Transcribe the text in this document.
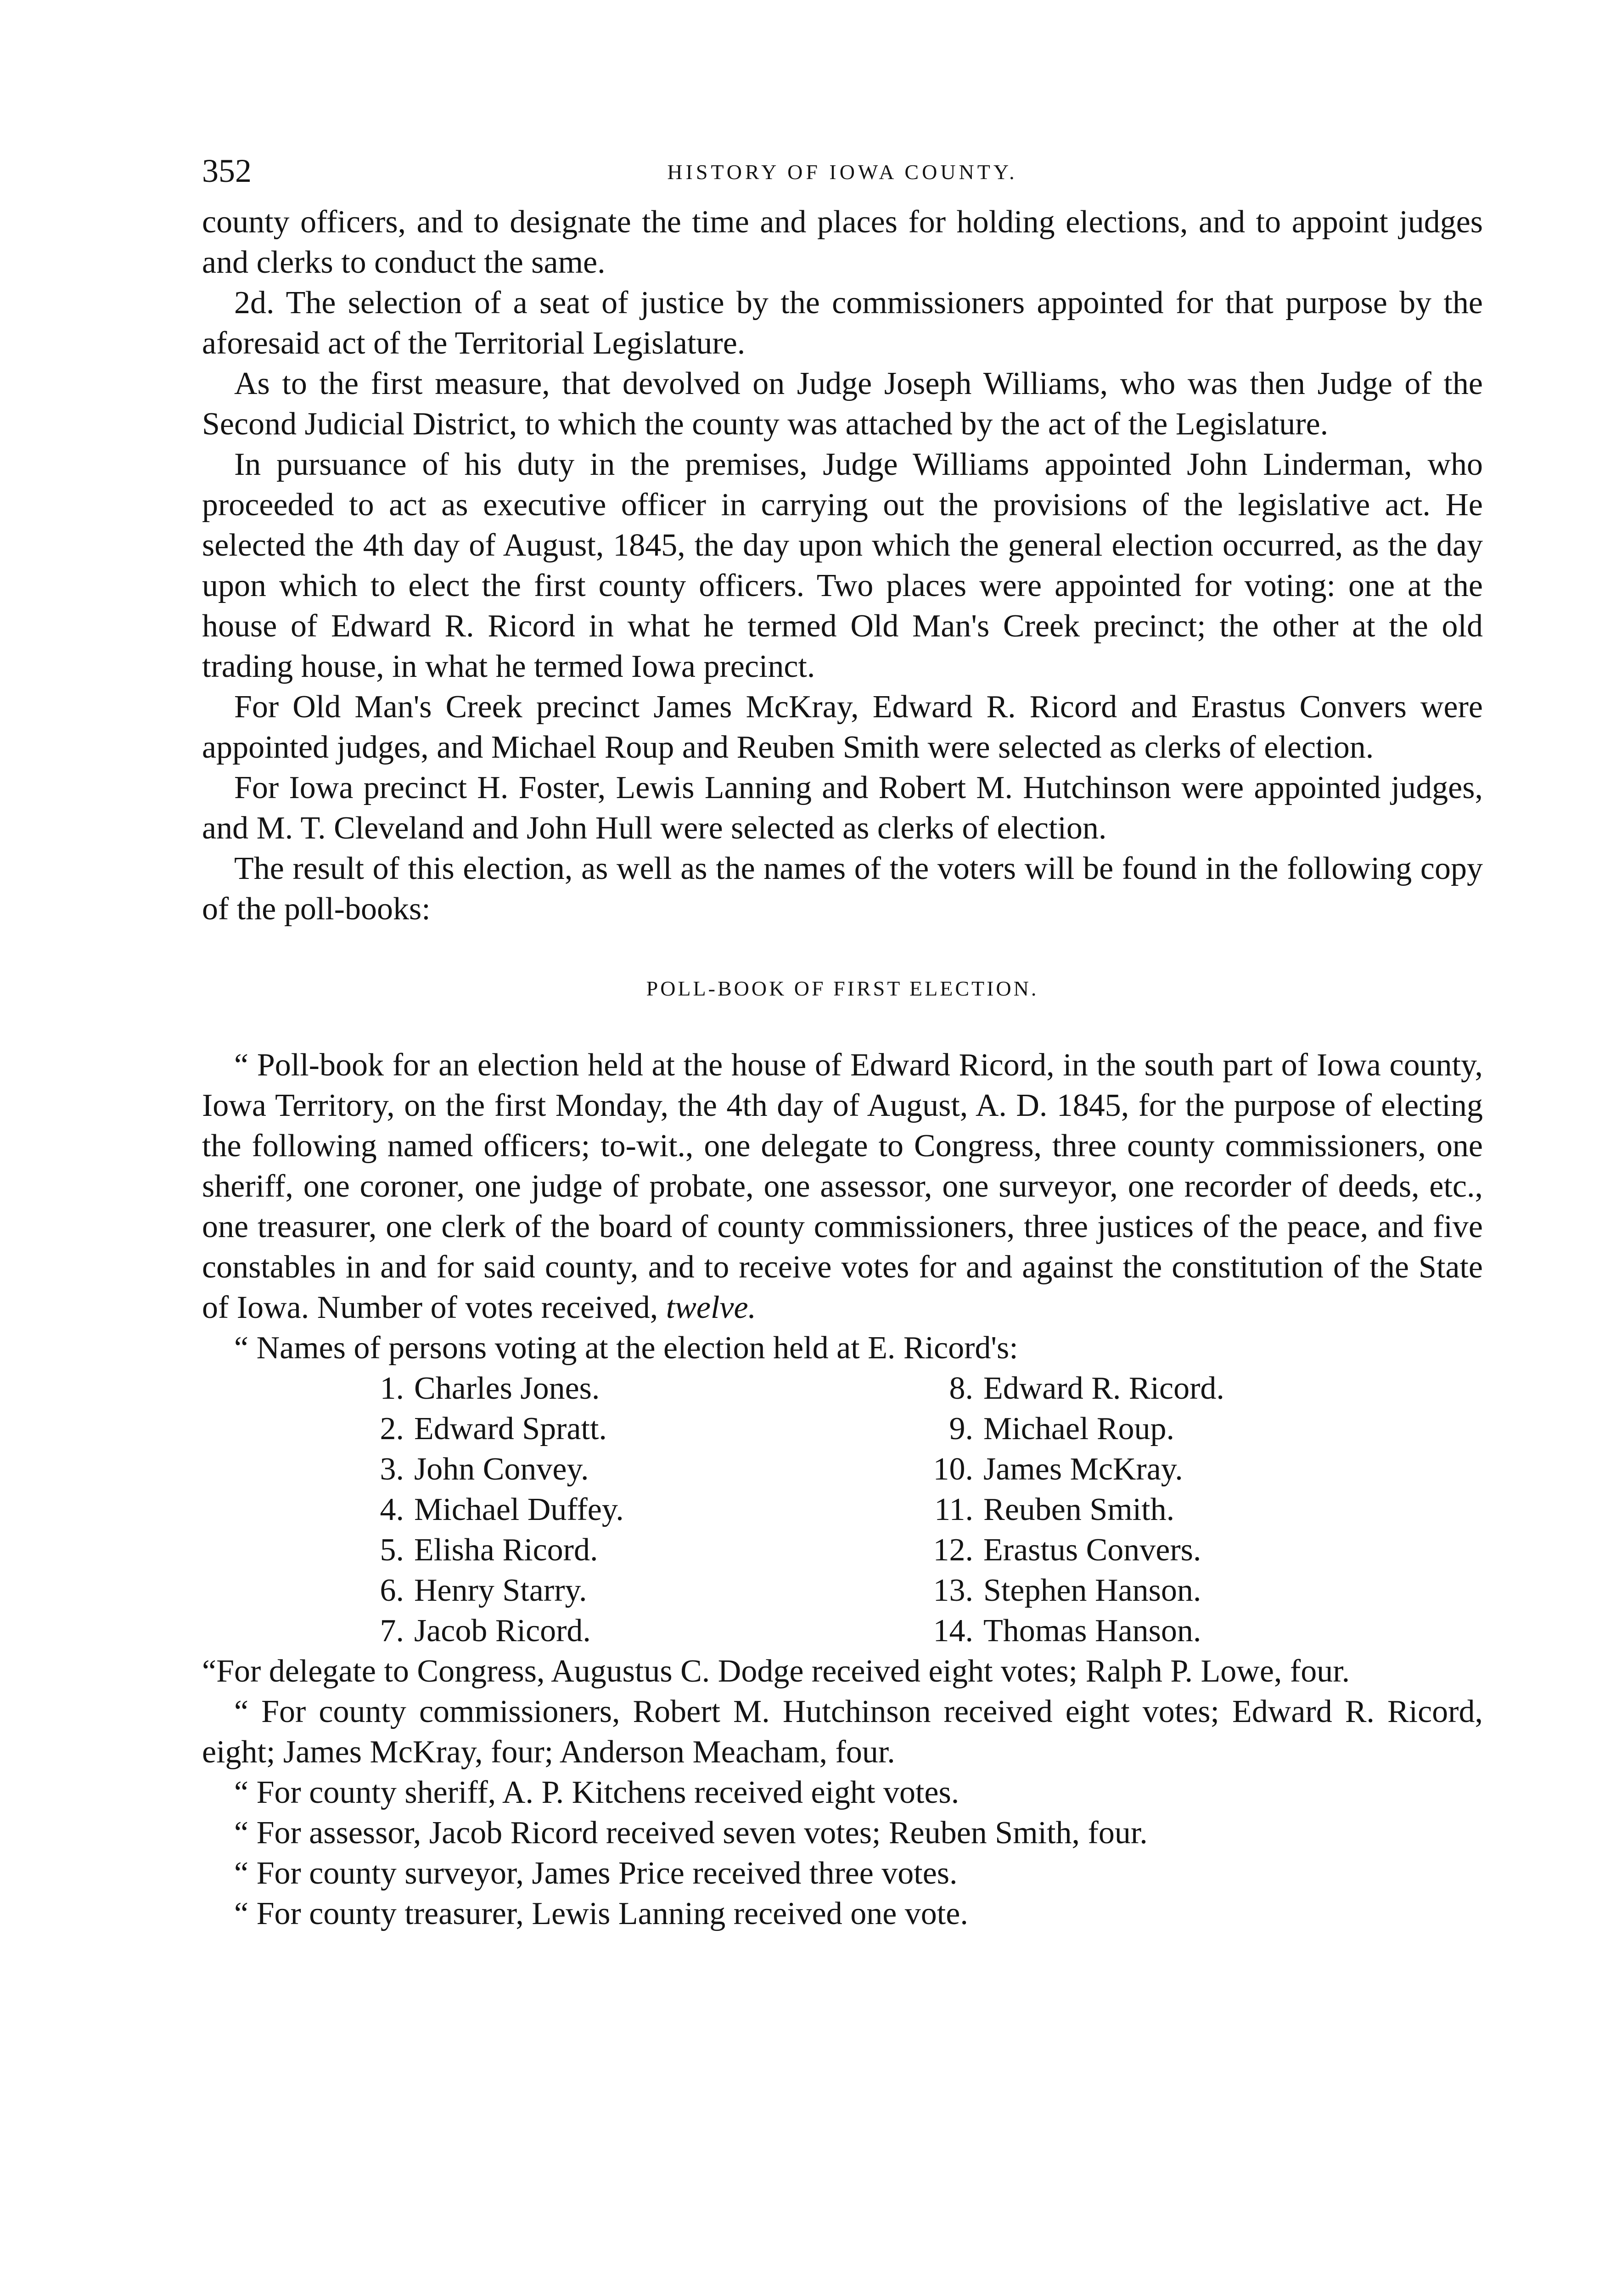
352	HISTORY OF IOWA COUNTY.

county officers, and to designate the time and places for holding elections, and to appoint judges and clerks to conduct the same.

2d. The selection of a seat of justice by the commissioners appointed for that purpose by the aforesaid act of the Territorial Legislature.

As to the first measure, that devolved on Judge Joseph Williams, who was then Judge of the Second Judicial District, to which the county was attached by the act of the Legislature.

In pursuance of his duty in the premises, Judge Williams appointed John Linderman, who proceeded to act as executive officer in carrying out the provisions of the legislative act. He selected the 4th day of August, 1845, the day upon which the general election occurred, as the day upon which to elect the first county officers. Two places were appointed for voting: one at the house of Edward R. Ricord in what he termed Old Man's Creek precinct; the other at the old trading house, in what he termed Iowa precinct.

For Old Man's Creek precinct James McKray, Edward R. Ricord and Erastus Convers were appointed judges, and Michael Roup and Reuben Smith were selected as clerks of election.

For Iowa precinct H. Foster, Lewis Lanning and Robert M. Hutchinson were appointed judges, and M. T. Cleveland and John Hull were selected as clerks of election.

The result of this election, as well as the names of the voters will be found in the following copy of the poll-books:

POLL-BOOK OF FIRST ELECTION.

“ Poll-book for an election held at the house of Edward Ricord, in the south part of Iowa county, Iowa Territory, on the first Monday, the 4th day of August, A. D. 1845, for the purpose of electing the following named officers; to-wit., one delegate to Congress, three county commissioners, one sheriff, one coroner, one judge of probate, one assessor, one surveyor, one recorder of deeds, etc., one treasurer, one clerk of the board of county commissioners, three justices of the peace, and five constables in and for said county, and to receive votes for and against the constitution of the State of Iowa. Number of votes received, twelve.

“ Names of persons voting at the election held at E. Ricord's:

1. Charles Jones.
2. Edward Spratt.
3. John Convey.
4. Michael Duffey.
5. Elisha Ricord.
6. Henry Starry.
7. Jacob Ricord.
8. Edward R. Ricord.
9. Michael Roup.
10. James McKray.
11. Reuben Smith.
12. Erastus Convers.
13. Stephen Hanson.
14. Thomas Hanson.

“For delegate to Congress, Augustus C. Dodge received eight votes; Ralph P. Lowe, four.

“ For county commissioners, Robert M. Hutchinson received eight votes; Edward R. Ricord, eight; James McKray, four; Anderson Meacham, four.

“ For county sheriff, A. P. Kitchens received eight votes.

“ For assessor, Jacob Ricord received seven votes; Reuben Smith, four.

“ For county surveyor, James Price received three votes.

“ For county treasurer, Lewis Lanning received one vote.
